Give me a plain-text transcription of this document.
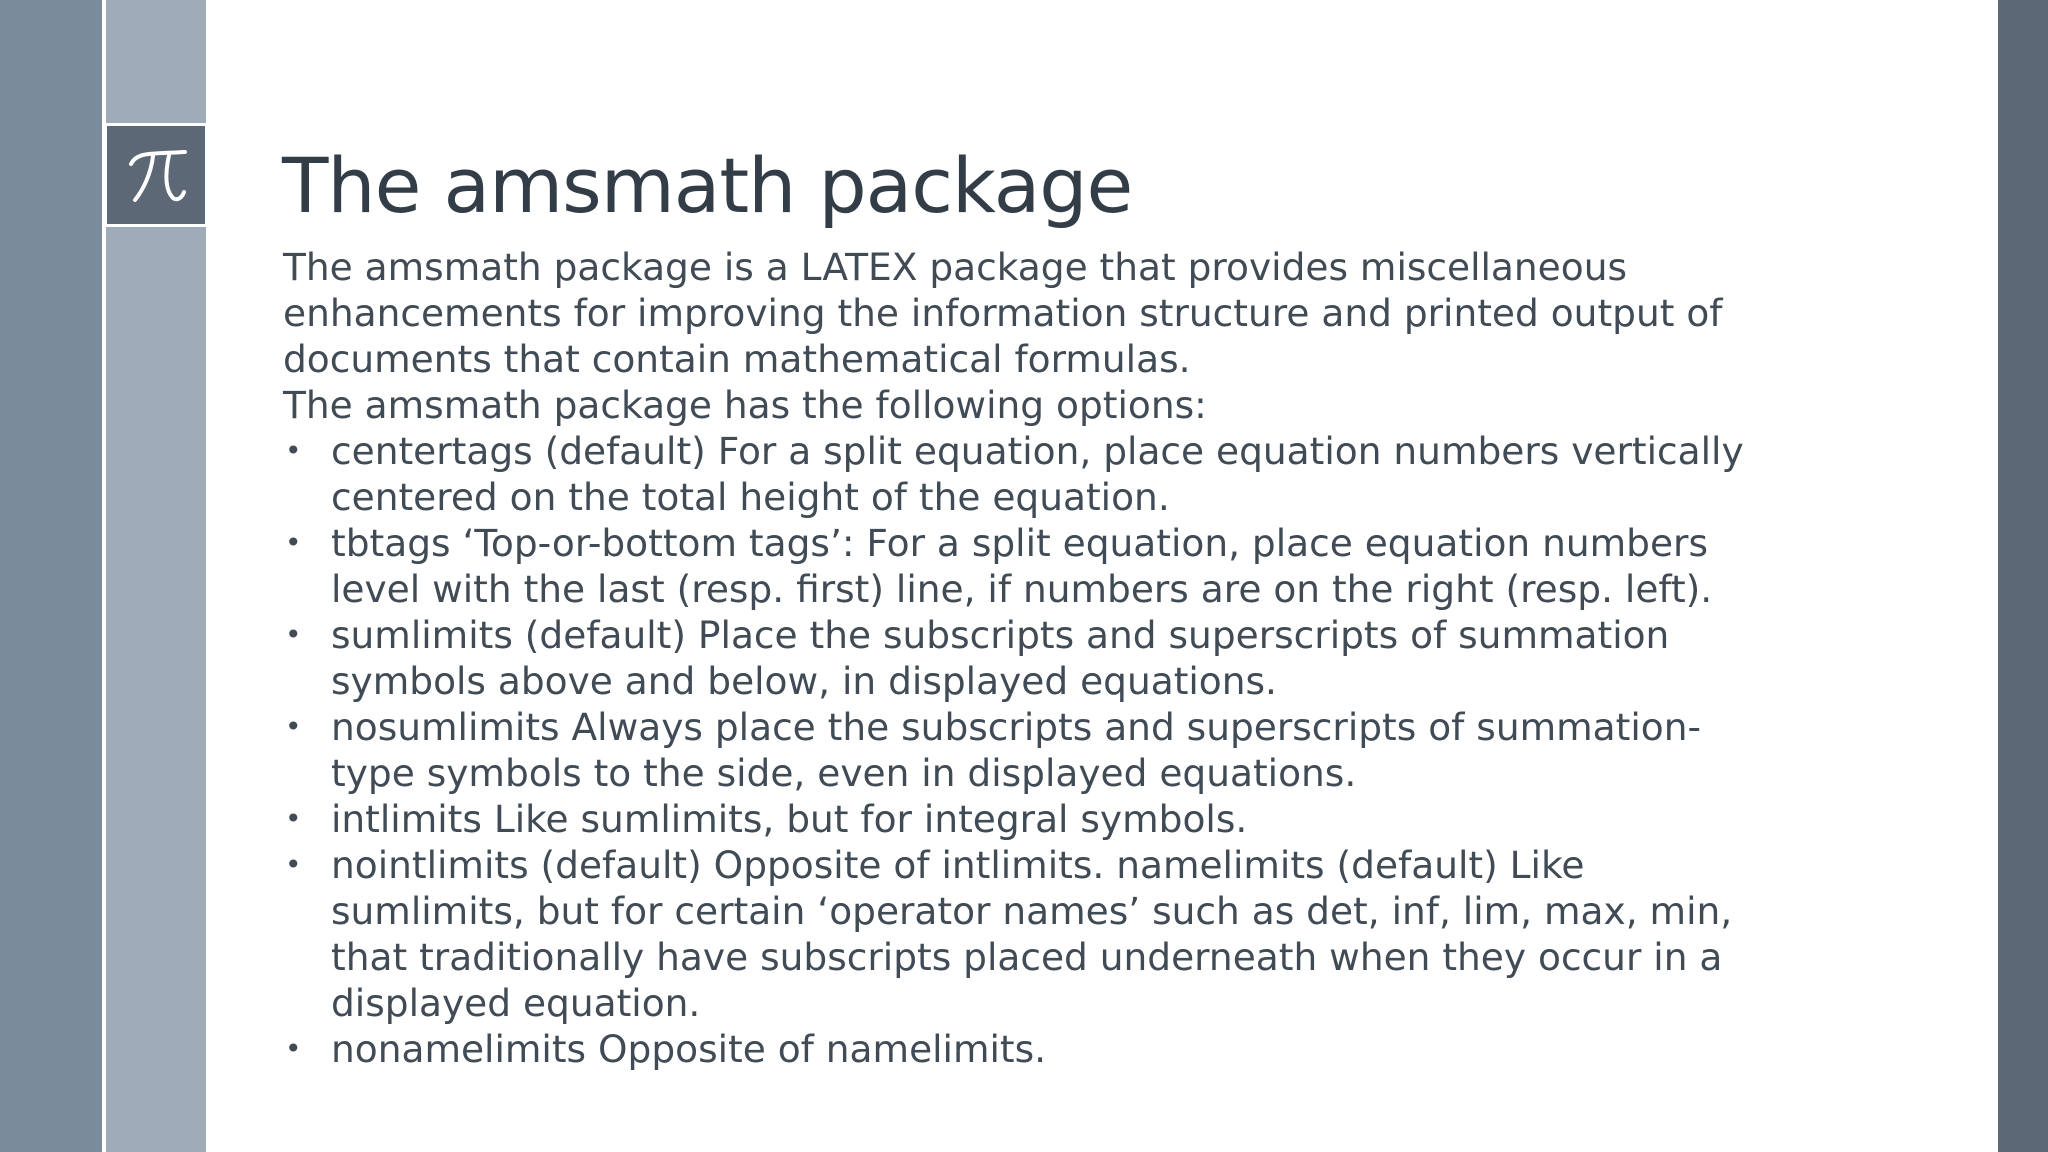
The amsmath package

The amsmath package is a LATEX package that provides miscellaneous enhancements for improving the information structure and printed output of documents that contain mathematical formulas.

The amsmath package has the following options:

• centertags (default) For a split equation, place equation numbers vertically centered on the total height of the equation.
• tbtags ‘Top-or-bottom tags’: For a split equation, place equation numbers level with the last (resp. first) line, if numbers are on the right (resp. left).
• sumlimits (default) Place the subscripts and superscripts of summation symbols above and below, in displayed equations.
• nosumlimits Always place the subscripts and superscripts of summation-type symbols to the side, even in displayed equations.
• intlimits Like sumlimits, but for integral symbols.
• nointlimits (default) Opposite of intlimits. namelimits (default) Like sumlimits, but for certain ‘operator names’ such as det, inf, lim, max, min, that traditionally have subscripts placed underneath when they occur in a displayed equation.
• nonamelimits Opposite of namelimits.
